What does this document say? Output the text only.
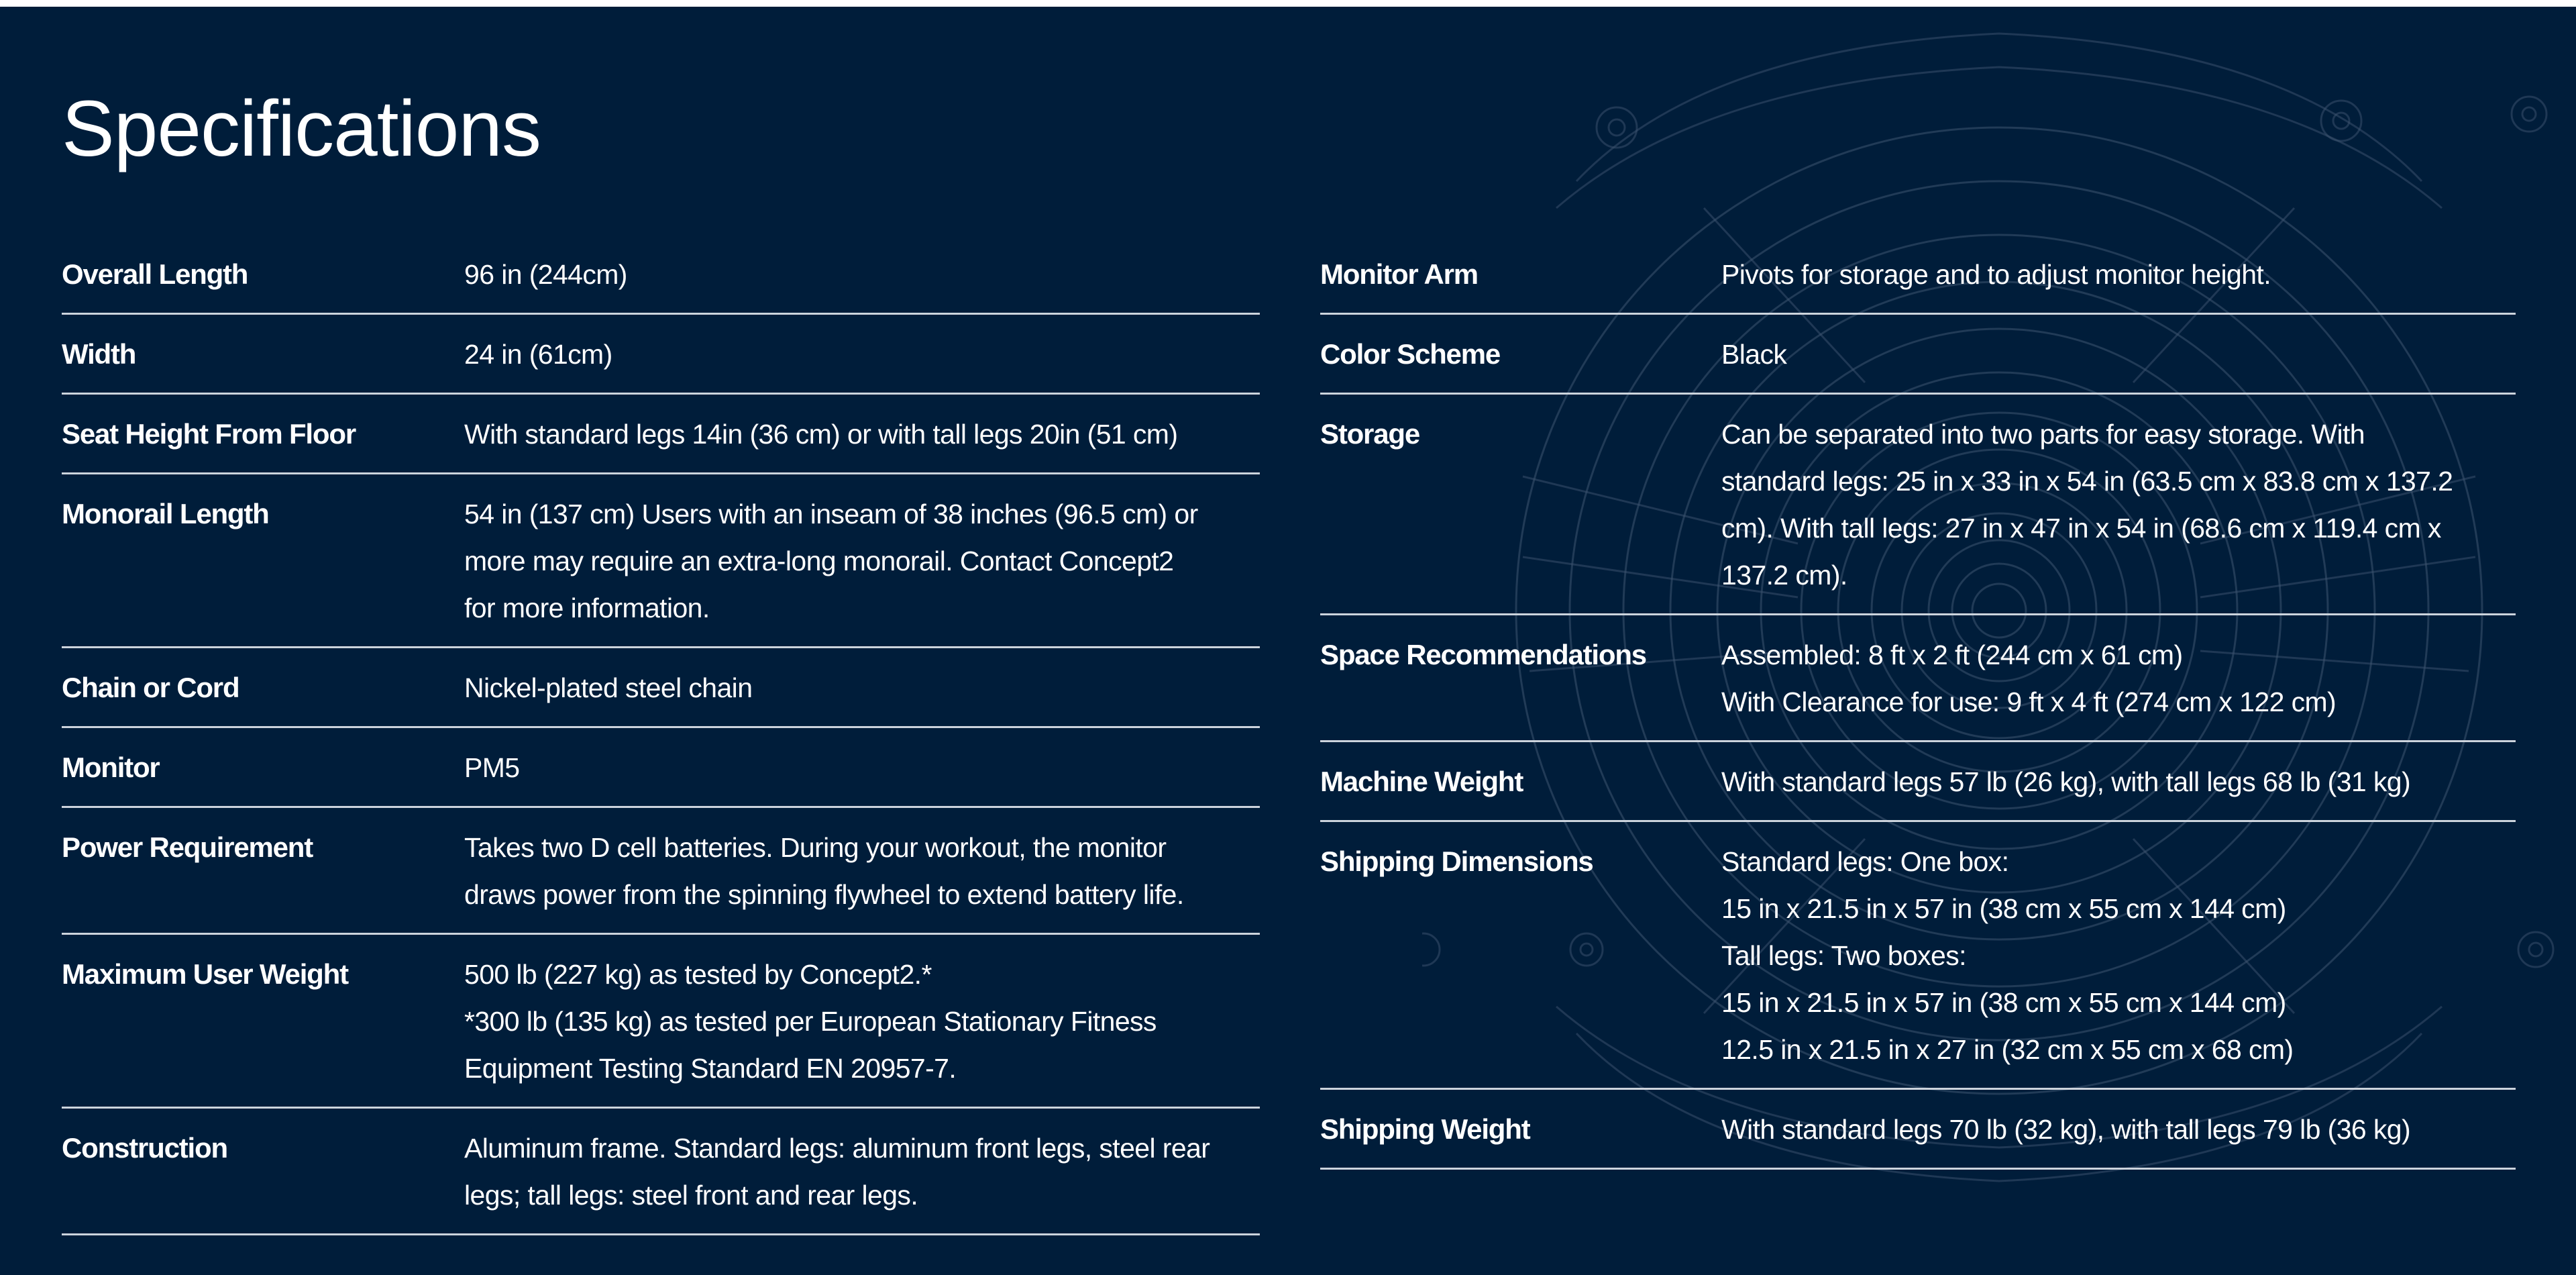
Specifications
Overall Length	96 in (244cm)
Width	24 in (61cm)
Seat Height From Floor	With standard legs 14in (36 cm) or with tall legs 20in (51 cm)
Monorail Length	54 in (137 cm) Users with an inseam of 38 inches (96.5 cm) or
more may require an extra-long monorail. Contact Concept2
for more information.
Chain or Cord	Nickel-plated steel chain
Monitor	PM5
Power Requirement	Takes two D cell batteries. During your workout, the monitor
draws power from the spinning flywheel to extend battery life.
Maximum User Weight	500 lb (227 kg) as tested by Concept2.*
*300 lb (135 kg) as tested per European Stationary Fitness
Equipment Testing Standard EN 20957-7.
Construction	Aluminum frame. Standard legs: aluminum front legs, steel rear
legs; tall legs: steel front and rear legs.
Monitor Arm	Pivots for storage and to adjust monitor height.
Color Scheme	Black
Storage	Can be separated into two parts for easy storage. With
standard legs: 25 in x 33 in x 54 in (63.5 cm x 83.8 cm x 137.2
cm). With tall legs: 27 in x 47 in x 54 in (68.6 cm x 119.4 cm x
137.2 cm).
Space Recommendations	Assembled: 8 ft x 2 ft (244 cm x 61 cm)
With Clearance for use: 9 ft x 4 ft (274 cm x 122 cm)
Machine Weight	With standard legs 57 lb (26 kg), with tall legs 68 lb (31 kg)
Shipping Dimensions	Standard legs: One box:
15 in x 21.5 in x 57 in (38 cm x 55 cm x 144 cm)
Tall legs: Two boxes:
15 in x 21.5 in x 57 in (38 cm x 55 cm x 144 cm)
12.5 in x 21.5 in x 27 in (32 cm x 55 cm x 68 cm)
Shipping Weight	With standard legs 70 lb (32 kg), with tall legs 79 lb (36 kg)
